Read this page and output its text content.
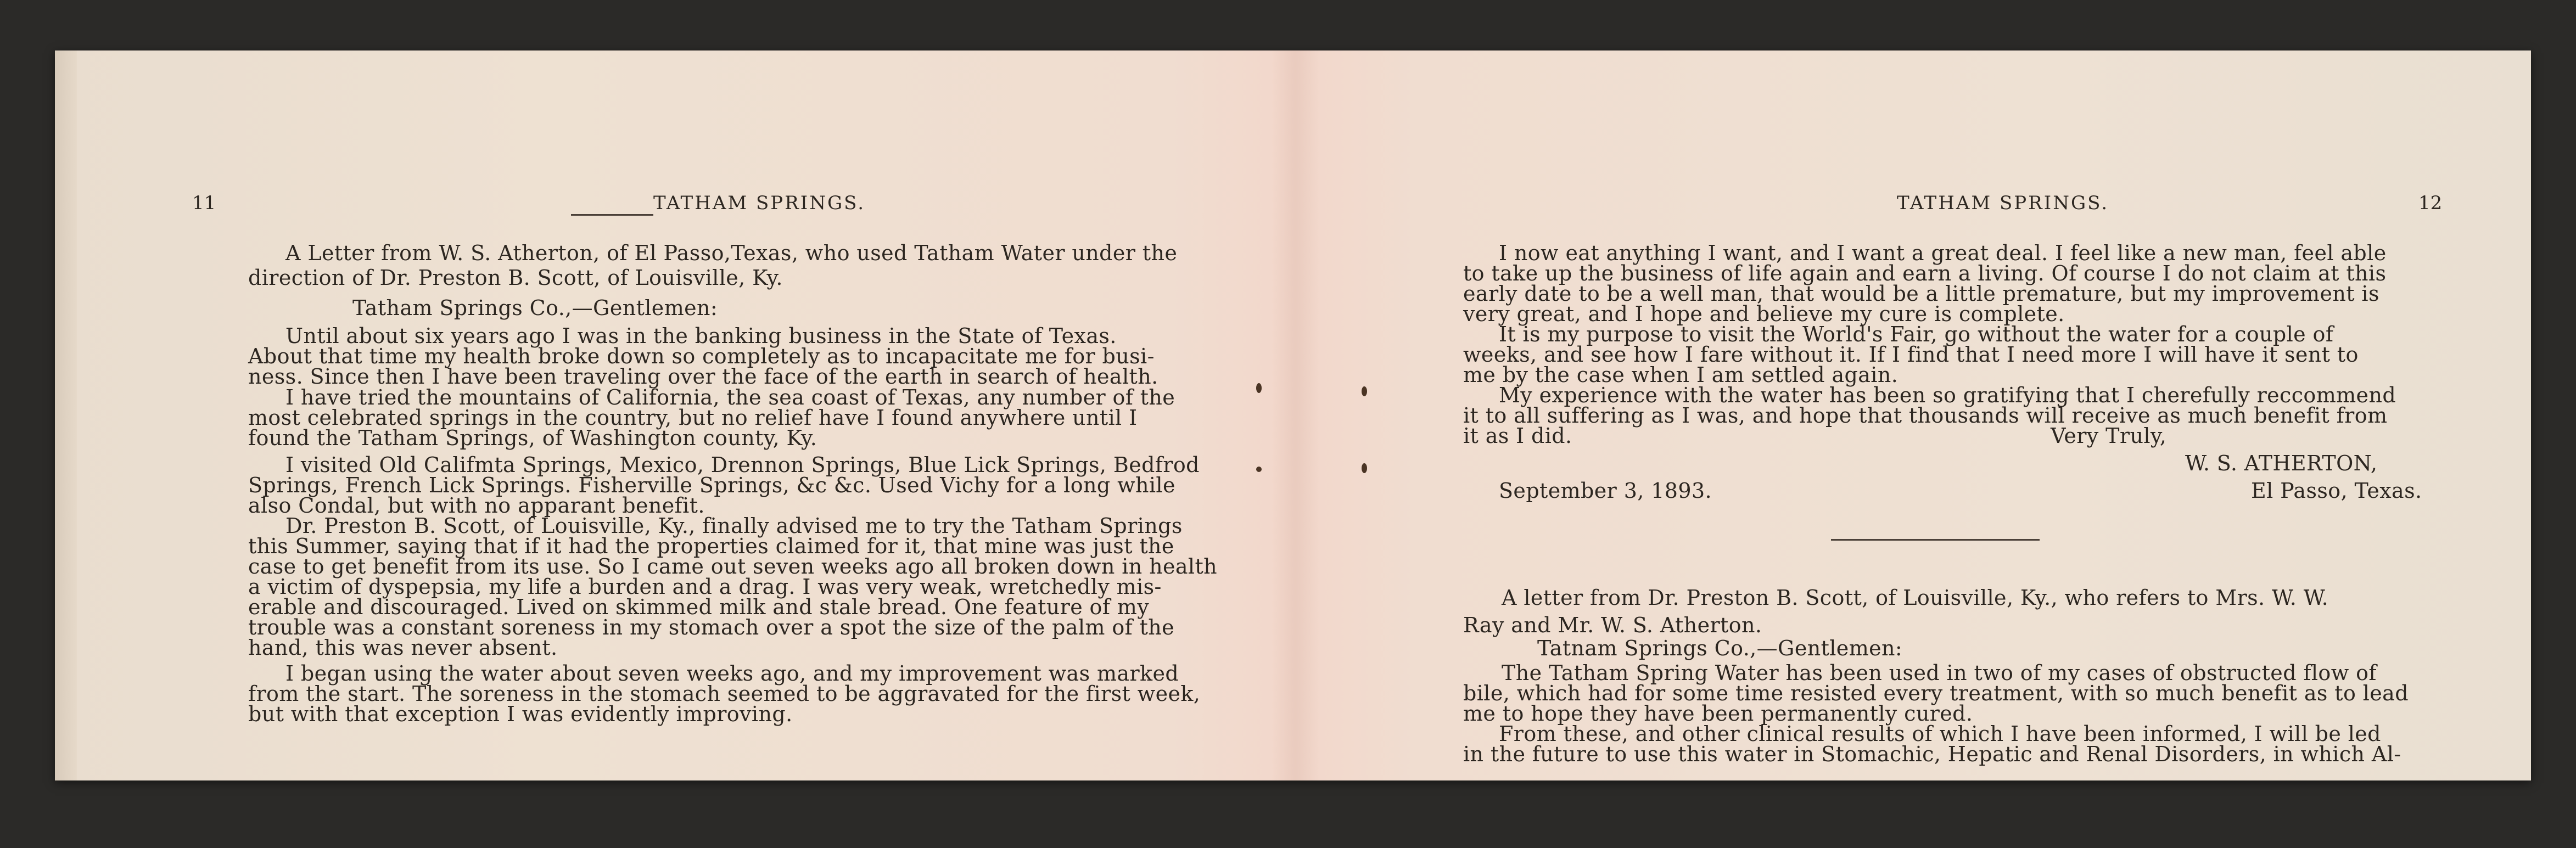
11	TATHAM SPRINGS.
A Letter from W. S. Atherton, of El Passo,Texas, who used Tatham Water under the
direction of Dr. Preston B. Scott, of Louisville, Ky.
Tatham Springs Co.,—Gentlemen:
Until about six years ago I was in the banking business in the State of Texas.
About that time my health broke down so completely as to incapacitate me for busi-
ness. Since then I have been traveling over the face of the earth in search of health.
I have tried the mountains of California, the sea coast of Texas, any number of the
most celebrated springs in the country, but no relief have I found anywhere until I
found the Tatham Springs, of Washington county, Ky.
I visited Old Califmta Springs, Mexico, Drennon Springs, Blue Lick Springs, Bedfrod
Springs, French Lick Springs. Fisherville Springs, &c &c. Used Vichy for a long while
also Condal, but with no apparant benefit.
Dr. Preston B. Scott, of Louisville, Ky., finally advised me to try the Tatham Springs
this Summer, saying that if it had the properties claimed for it, that mine was just the
case to get benefit from its use. So I came out seven weeks ago all broken down in health
a victim of dyspepsia, my life a burden and a drag. I was very weak, wretchedly mis-
erable and discouraged. Lived on skimmed milk and stale bread. One feature of my
trouble was a constant soreness in my stomach over a spot the size of the palm of the
hand, this was never absent.
I began using the water about seven weeks ago, and my improvement was marked
from the start. The soreness in the stomach seemed to be aggravated for the first week,
but with that exception I was evidently improving.
TATHAM SPRINGS.	12
I now eat anything I want, and I want a great deal. I feel like a new man, feel able
to take up the business of life again and earn a living. Of course I do not claim at this
early date to be a well man, that would be a little premature, but my improvement is
very great, and I hope and believe my cure is complete.
It is my purpose to visit the World's Fair, go without the water for a couple of
weeks, and see how I fare without it. If I find that I need more I will have it sent to
me by the case when I am settled again.
My experience with the water has been so gratifying that I cherefully reccommend
it to all suffering as I was, and hope that thousands will receive as much benefit from
it as I did.	Very Truly,
W. S. ATHERTON,
September 3, 1893.	El Passo, Texas.
A letter from Dr. Preston B. Scott, of Louisville, Ky., who refers to Mrs. W. W.
Ray and Mr. W. S. Atherton.
Tatnam Springs Co.,—Gentlemen:
The Tatham Spring Water has been used in two of my cases of obstructed flow of
bile, which had for some time resisted every treatment, with so much benefit as to lead
me to hope they have been permanently cured.
From these, and other clinical results of which I have been informed, I will be led
in the future to use this water in Stomachic, Hepatic and Renal Disorders, in which Al-
